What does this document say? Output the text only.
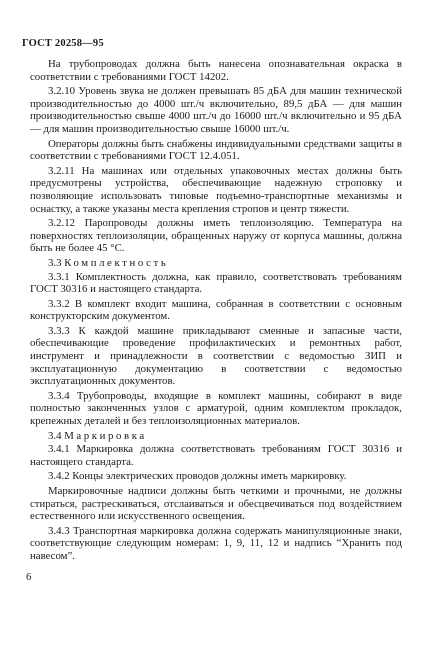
ГОСТ 20258—95

На трубопроводах должна быть нанесена опознавательная окраска в соответствии с требованиями ГОСТ 14202.

3.2.10 Уровень звука не должен превышать 85 дБА для машин технической производительностью до 4000 шт./ч включительно, 89,5 дБА — для машин производительностью свыше 4000 шт./ч до 16000 шт./ч включительно и 95 дБА — для машин производительностью свыше 16000 шт./ч.

Операторы должны быть снабжены индивидуальными средствами защиты в соответствии с требованиями ГОСТ 12.4.051.

3.2.11 На машинах или отдельных упаковочных местах должны быть предусмотрены устройства, обеспечивающие надежную строповку и позволяющие использовать типовые подъемно-транспортные механизмы и оснастку, а также указаны места крепления стропов и центр тяжести.

3.2.12 Паропроводы должны иметь теплоизоляцию. Температура на поверхностях теплоизоляции, обращенных наружу от корпуса машины, должна быть не более 45 °С.

3.3 Комплектность

3.3.1 Комплектность должна, как правило, соответствовать требованиям ГОСТ 30316 и настоящего стандарта.

3.3.2 В комплект входит машина, собранная в соответствии с основным конструкторским документом.

3.3.3 К каждой машине прикладывают сменные и запасные части, обеспечивающие проведение профилактических и ремонтных работ, инструмент и принадлежности в соответствии с ведомостью ЗИП и эксплуатационную документацию в соответствии с ведомостью эксплуатационных документов.

3.3.4 Трубопроводы, входящие в комплект машины, собирают в виде полностью законченных узлов с арматурой, одним комплектом прокладок, крепежных деталей и без теплоизоляционных материалов.

3.4 Маркировка

3.4.1 Маркировка должна соответствовать требованиям ГОСТ 30316 и настоящего стандарта.

3.4.2 Концы электрических проводов должны иметь маркировку.

Маркировочные надписи должны быть четкими и прочными, не должны стираться, растрескиваться, отслаиваться и обесцвечиваться под воздействием естественного или искусственного освещения.

3.4.3 Транспортная маркировка должна содержать манипуляционные знаки, соответствующие следующим номерам: 1, 9, 11, 12 и надпись “Хранить под навесом”.

6
